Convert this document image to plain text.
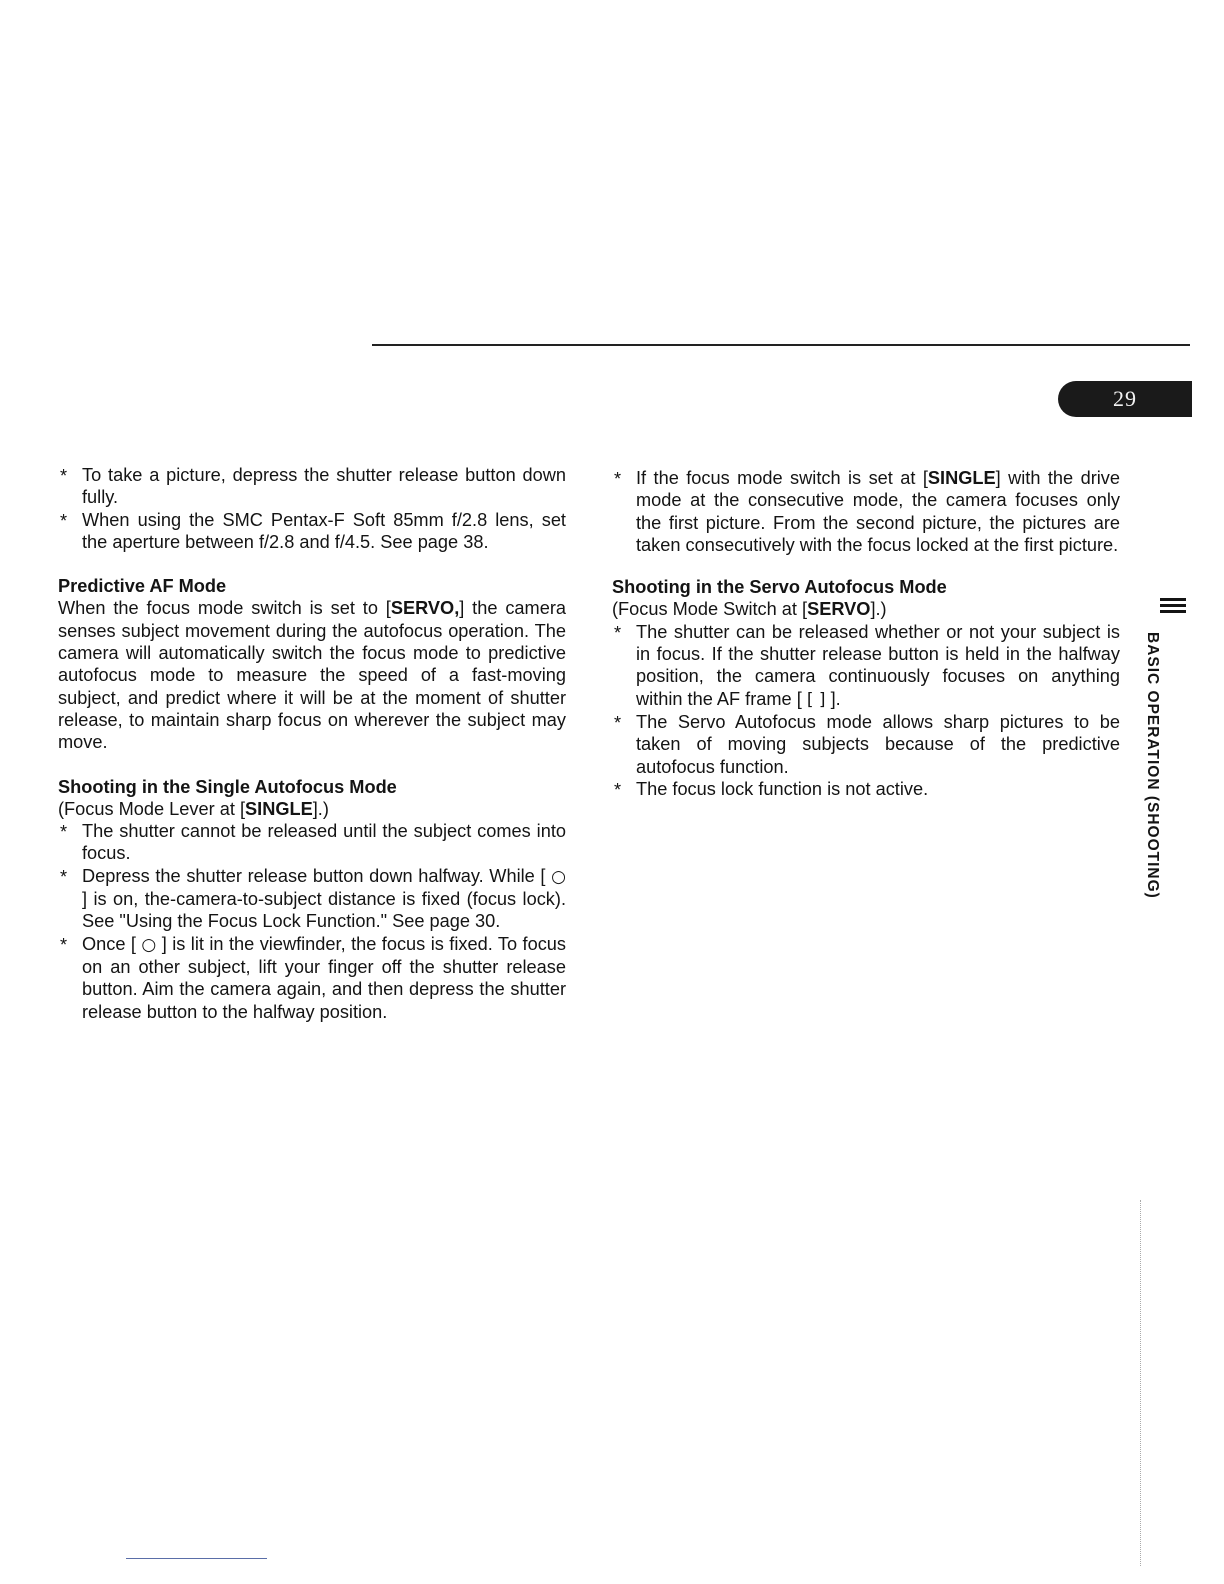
29
* To take a picture, depress the shutter release button down fully.
* When using the SMC Pentax-F Soft 85mm f/2.8 lens, set the aperture between f/2.8 and f/4.5. See page 38.
Predictive AF Mode
When the focus mode switch is set to [SERVO,] the camera senses subject movement during the autofocus operation. The camera will automatically switch the focus mode to predictive autofocus mode to measure the speed of a fast-moving subject, and predict where it will be at the moment of shutter release, to maintain sharp focus on wherever the subject may move.
Shooting in the Single Autofocus Mode
(Focus Mode Lever at [SINGLE].)
* The shutter cannot be released until the subject comes into focus.
* Depress the shutter release button down halfway. While [ ○ ] is on, the-camera-to-subject distance is fixed (focus lock). See "Using the Focus Lock Function." See page 30.
* Once [ ○ ] is lit in the viewfinder, the focus is fixed. To focus on an other subject, lift your finger off the shutter release button. Aim the camera again, and then depress the shutter release button to the halfway position.
* If the focus mode switch is set at [SINGLE] with the drive mode at the consecutive mode, the camera focuses only the first picture. From the second picture, the pictures are taken consecutively with the focus locked at the first picture.
Shooting in the Servo Autofocus Mode
(Focus Mode Switch at [SERVO].)
* The shutter can be released whether or not your subject is in focus. If the shutter release button is held in the halfway position, the camera continuously focuses on anything within the AF frame [ [ ] ].
* The Servo Autofocus mode allows sharp pictures to be taken of moving subjects because of the predictive autofocus function.
* The focus lock function is not active.	BASIC OPERATION (SHOOTING)
